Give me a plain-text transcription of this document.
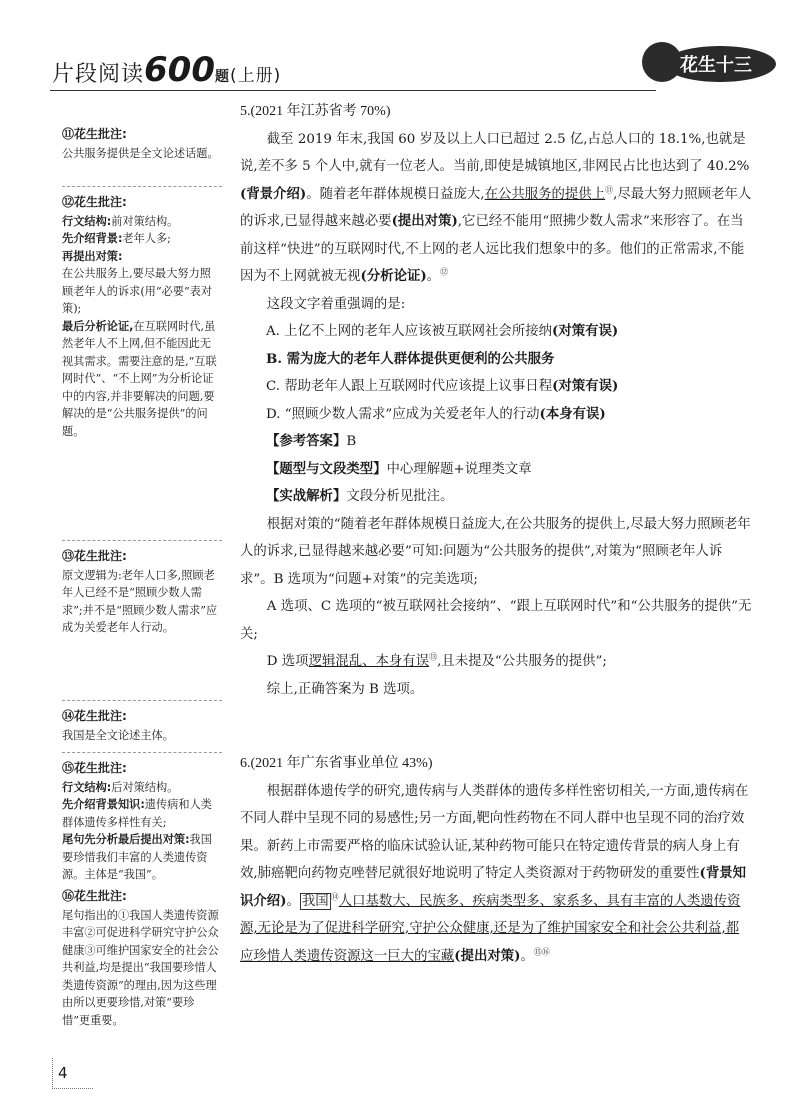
片段阅读600题(上册)	花生十三
⑪花生批注:

公共服务提供是全文论述话题。

⑫花生批注:

行文结构:前对策结构。

先介绍背景:老年人多;

再提出对策:

在公共服务上,要尽最大努力照顾老年人的诉求(用“必要”表对策);

最后分析论证,在互联网时代,虽然老年人不上网,但不能因此无视其需求。需要注意的是,“互联网时代”、“不上网”为分析论证中的内容,并非要解决的问题,要解决的是“公共服务提供”的问题。

⑬花生批注:

原文逻辑为:老年人口多,照顾老年人已经不是“照顾少数人需求”;并不是“照顾少数人需求”应成为关爱老年人行动。

⑭花生批注:

我国是全文论述主体。

⑮花生批注:

行文结构:后对策结构。

先介绍背景知识:遗传病和人类群体遗传多样性有关;

尾句先分析最后提出对策:我国要珍惜我们丰富的人类遗传资源。主体是“我国”。

⑯花生批注:

尾句指出的①我国人类遗传资源丰富②可促进科学研究守护公众健康③可维护国家安全的社会公共利益,均是提出“我国要珍惜人类遗传资源”的理由,因为这些理由所以更要珍惜,对策“要珍惜”更重要。

5.(2021 年江苏省考 70%)

截至 2019 年末,我国 60 岁及以上人口已超过 2.5 亿,占总人口的 18.1%,也就是说,差不多 5 个人中,就有一位老人。当前,即使是城镇地区,非网民占比也达到了 40.2%(背景介绍)。随着老年群体规模日益庞大,在公共服务的提供上⑪,尽最大努力照顾老年人的诉求,已显得越来越必要(提出对策),它已经不能用“照拂少数人需求”来形容了。在当前这样“快进”的互联网时代,不上网的老人远比我们想象中的多。他们的正常需求,不能因为不上网就被无视(分析论证)。⑫

这段文字着重强调的是:

A. 上亿不上网的老年人应该被互联网社会所接纳(对策有误)

B. 需为庞大的老年人群体提供更便利的公共服务

C. 帮助老年人跟上互联网时代应该提上议事日程(对策有误)

D. “照顾少数人需求”应成为关爱老年人的行动(本身有误)

【参考答案】B

【题型与文段类型】中心理解题+说理类文章

【实战解析】文段分析见批注。

根据对策的“随着老年群体规模日益庞大,在公共服务的提供上,尽最大努力照顾老年人的诉求,已显得越来越必要”可知:问题为“公共服务的提供”,对策为“照顾老年人诉求”。B 选项为“问题+对策”的完美选项;

A 选项、C 选项的“被互联网社会接纳”、“跟上互联网时代”和“公共服务的提供”无关;

D 选项逻辑混乱、本身有误⑬,且未提及“公共服务的提供”;

综上,正确答案为 B 选项。

6.(2021 年广东省事业单位 43%)

根据群体遗传学的研究,遗传病与人类群体的遗传多样性密切相关,一方面,遗传病在不同人群中呈现不同的易感性;另一方面,靶向性药物在不同人群中也呈现不同的治疗效果。新药上市需要严格的临床试验认证,某种药物可能只在特定遗传背景的病人身上有效,肺癌靶向药物克唑替尼就很好地说明了特定人类资源对于药物研发的重要性(背景知识介绍)。 我国 ⑭人口基数大、民族多、疾病类型多、家系多、具有丰富的人类遗传资源,无论是为了促进科学研究,守护公众健康,还是为了维护国家安全和社会公共利益,都应珍惜人类遗传资源这一巨大的宝藏(提出对策)。⑮⑯

4
